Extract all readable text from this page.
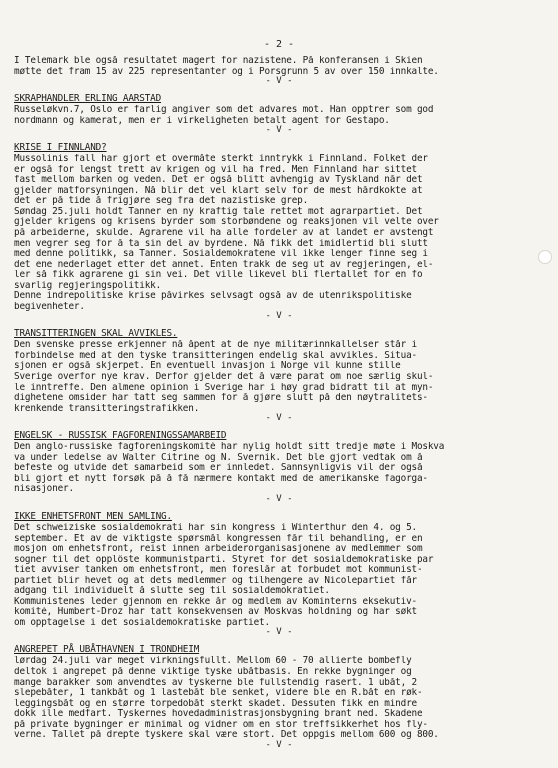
- 2 -
I Telemark ble også resultatet magert for nazistene. På konferansen i Skien
møtte det fram 15 av 225 representanter og i Porsgrunn 5 av over 150 innkalte.
- V -
SKRAPHANDLER ERLING AARSTAD
Russeløkvn.7, Oslo er farlig angiver som det advares mot. Han opptrer som god
nordmann og kamerat, men er i virkeligheten betalt agent for Gestapo.
- V -
KRISE I FINNLAND?
Mussolinis fall har gjort et overmåte sterkt inntrykk i Finnland. Folket der
er også for lengst trett av krigen og vil ha fred. Men Finnland har sittet
fast mellom barken og veden. Det er også blitt avhengig av Tyskland når det
gjelder matforsyningen. Nå blir det vel klart selv for de mest hårdkokte at
det er på tide å frigjøre seg fra det nazistiske grep.
Søndag 25.juli holdt Tanner en ny kraftig tale rettet mot agrarpartiet. Det
gjelder krigens og krisens byrder som storbøndene og reaksjonen vil velte over
på arbeiderne, skulde. Agrarene vil ha alle fordeler av at landet er avstengt
men vegrer seg for å ta sin del av byrdene. Nå fikk det imidlertid bli slutt
med denne politikk, sa Tanner. Sosialdemokratene vil ikke lenger finne seg i
det ene nederlaget etter det annet. Enten trakk de seg ut av regjeringen, el-
ler så fikk agrarene gi sin vei. Det ville likevel bli flertallet for en fo
svarlig regjeringspolitikk.
Denne indrepolitiske krise påvirkes selvsagt også av de utenrikspolitiske
begivenheter.
- V -
TRANSITTERINGEN SKAL AVVIKLES.
Den svenske presse erkjenner nå åpent at de nye militærinnkallelser står i
forbindelse med at den tyske transitteringen endelig skal avvikles. Situa-
sjonen er også skjerpet. En eventuell invasjon i Norge vil kunne stille
Sverige overfor nye krav. Derfor gjelder det å være parat om noe særlig skul-
le inntreffe. Den almene opinion i Sverige har i høy grad bidratt til at myn-
dighetene omsider har tatt seg sammen for å gjøre slutt på den nøytralitets-
krenkende transitteringstrafikken.
- V -
ENGELSK - RUSSISK FAGFORENINGSSAMARBEID
Den anglo-russiske fagforeningskomité har nylig holdt sitt tredje møte i Moskva
va under ledelse av Walter Citrine og N. Svernik. Det ble gjort vedtak om å
befeste og utvide det samarbeid som er innledet. Sannsynligvis vil der også
bli gjort et nytt forsøk på å få nærmere kontakt med de amerikanske fagorga-
nisasjoner.
- V -
IKKE ENHETSFRONT MEN SAMLING.
Det schweiziske sosialdemokrati har sin kongress i Winterthur den 4. og 5.
september. Et av de viktigste spørsmål kongressen får til behandling, er en
mosjon om enhetsfront, reist innen arbeiderorganisasjonene av medlemmer som
sogner til det opplöste kommunistparti. Styret for det sosialdemokratiske par
tiet avviser tanken om enhetsfront, men foreslår at forbudet mot kommunist-
partiet blir hevet og at dets medlemmer og tilhengere av Nicolepartiet får
adgang til individuelt å slutte seg til sosialdemokratiet.
Kommunistenes leder gjennom en rekke år og medlem av Kominterns eksekutiv-
komité, Humbert-Droz har tatt konsekvensen av Moskvas holdning og har søkt
om opptagelse i det sosialdemokratiske partiet.
- V -
ANGREPET PÅ UBÅTHAVNEN I TRONDHEIM
lørdag 24.juli var meget virkningsfullt. Mellom 60 - 70 allierte bombefly
deltok i angrepet på denne viktige tyske ubåtbasis. En rekke bygninger og
mange barakker som anvendtes av tyskerne ble fullstendig rasert. 1 ubåt, 2
slepebåter, 1 tankbåt og 1 lastebåt ble senket, videre ble en R.båt en røk-
leggingsbåt og en større torpedobåt sterkt skadet. Dessuten fikk en mindre
dokk ille medfart. Tyskernes hovedadministrasjonsbygning brant ned. Skadene
på private bygninger er minimal og vidner om en stor treffsikkerhet hos fly-
verne. Tallet på drepte tyskere skal være stort. Det oppgis mellom 600 og 800.
- V -
